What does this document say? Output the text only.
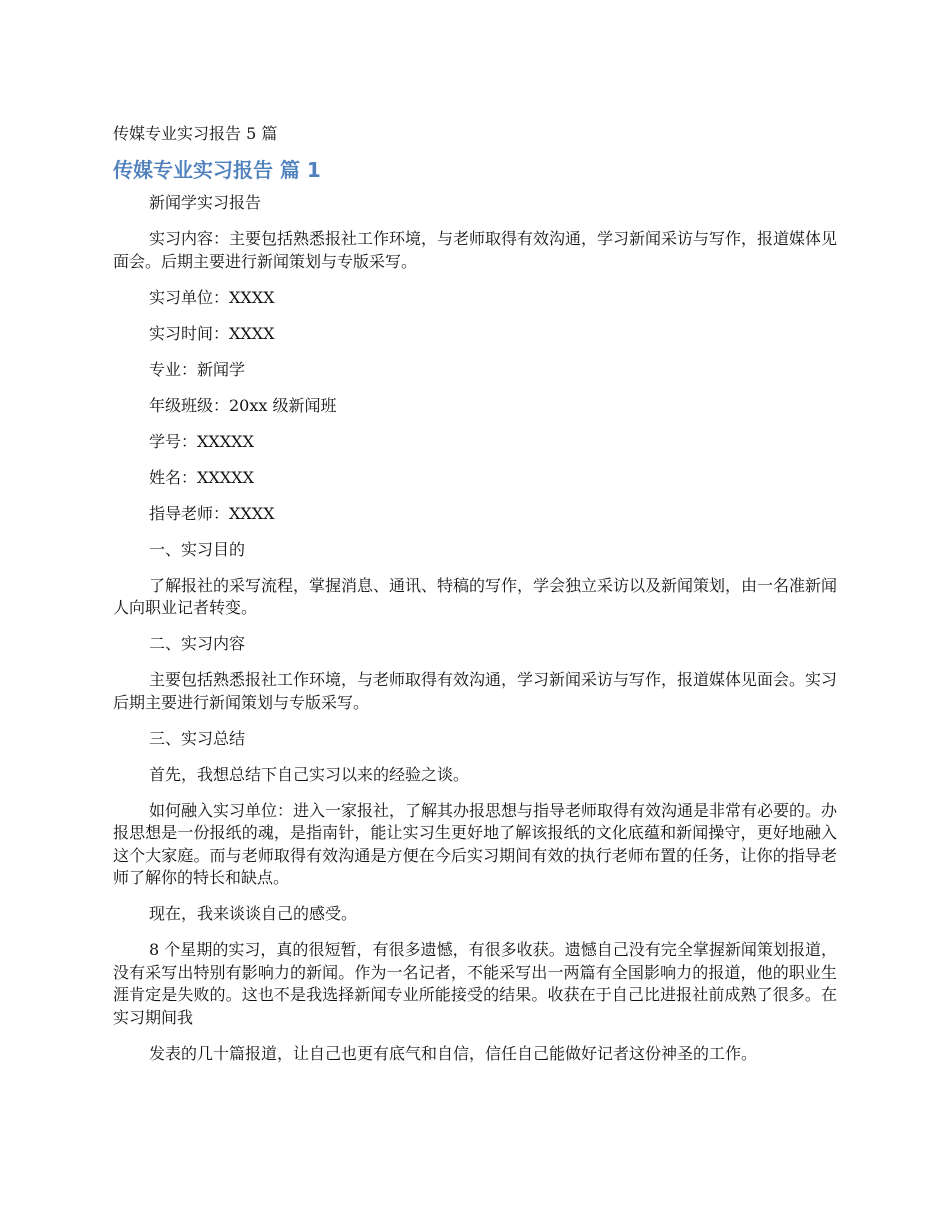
传媒专业实习报告 5 篇
传媒专业实习报告 篇 1

新闻学实习报告

实习内容：主要包括熟悉报社工作环境，与老师取得有效沟通，学习新闻采访与写作，报道媒体见面会。后期主要进行新闻策划与专版采写。

实习单位：XXXX

实习时间：XXXX

专业：新闻学

年级班级：20xx 级新闻班

学号：XXXXX

姓名：XXXXX

指导老师：XXXX

一、实习目的

了解报社的采写流程，掌握消息、通讯、特稿的写作，学会独立采访以及新闻策划，由一名准新闻人向职业记者转变。

二、实习内容

主要包括熟悉报社工作环境，与老师取得有效沟通，学习新闻采访与写作，报道媒体见面会。实习后期主要进行新闻策划与专版采写。

三、实习总结

首先，我想总结下自己实习以来的经验之谈。

如何融入实习单位：进入一家报社，了解其办报思想与指导老师取得有效沟通是非常有必要的。办报思想是一份报纸的魂，是指南针，能让实习生更好地了解该报纸的文化底蕴和新闻操守，更好地融入这个大家庭。而与老师取得有效沟通是方便在今后实习期间有效的执行老师布置的任务，让你的指导老师了解你的特长和缺点。

现在，我来谈谈自己的感受。

8 个星期的实习，真的很短暂，有很多遗憾，有很多收获。遗憾自己没有完全掌握新闻策划报道，没有采写出特别有影响力的新闻。作为一名记者，不能采写出一两篇有全国影响力的报道，他的职业生涯肯定是失败的。这也不是我选择新闻专业所能接受的结果。收获在于自己比进报社前成熟了很多。在实习期间我

发表的几十篇报道，让自己也更有底气和自信，信任自己能做好记者这份神圣的工作。
